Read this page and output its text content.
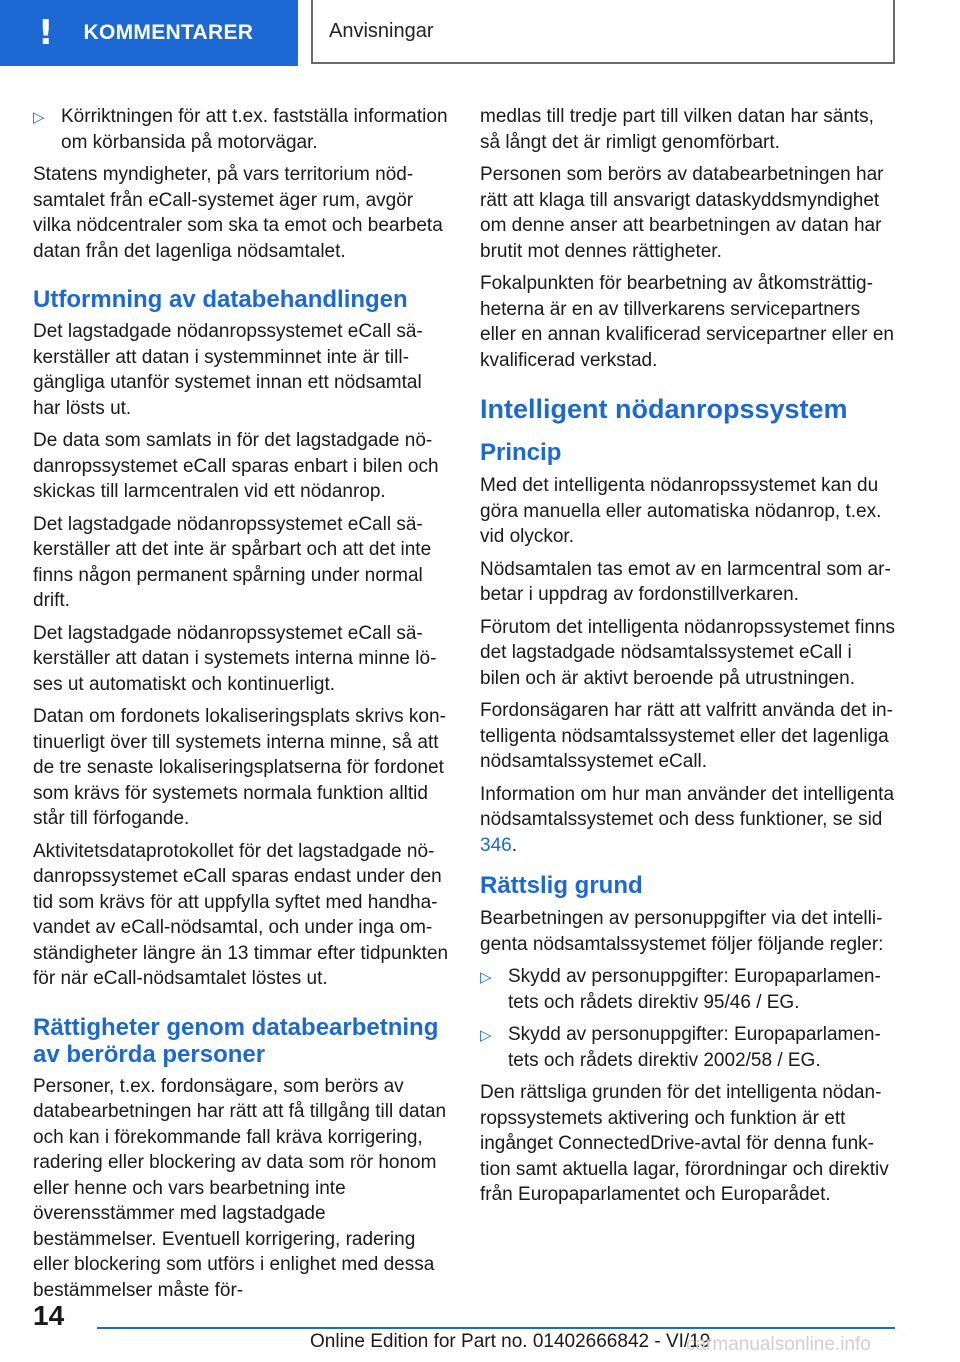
! KOMMENTARER	Anvisningar
▷ Körriktningen för att t.ex. fastställa information om körbansida på motorvägar.

Statens myndigheter, på vars territorium nödsamtalet från eCall-systemet äger rum, avgör vilka nödcentraler som ska ta emot och bearbeta datan från det lagenliga nödsamtalet.

Utformning av databehandlingen

Det lagstadgade nödanropssystemet eCall säkerställer att datan i systemminnet inte är tillgängliga utanför systemet innan ett nödsamtal har lösts ut.

De data som samlats in för det lagstadgade nödanropssystemet eCall sparas enbart i bilen och skickas till larmcentralen vid ett nödanrop.

Det lagstadgade nödanropssystemet eCall säkerställer att det inte är spårbart och att det inte finns någon permanent spårning under normal drift.

Det lagstadgade nödanropssystemet eCall säkerställer att datan i systemets interna minne löses ut automatiskt och kontinuerligt.

Datan om fordonets lokaliseringsplats skrivs kontinuerligt över till systemets interna minne, så att de tre senaste lokaliseringsplatserna för fordonet som krävs för systemets normala funktion alltid står till förfogande.

Aktivitetsdataprotokollet för det lagstadgade nödanropssystemet eCall sparas endast under den tid som krävs för att uppfylla syftet med handhavandet av eCall-nödsamtal, och under inga omständigheter längre än 13 timmar efter tidpunkten för när eCall-nödsamtalet löstes ut.

Rättigheter genom databearbetning av berörda personer

Personer, t.ex. fordonsägare, som berörs av databearbetningen har rätt att få tillgång till datan och kan i förekommande fall kräva korrigering, radering eller blockering av data som rör honom eller henne och vars bearbetning inte överensstämmer med lagstadgade bestämmelser. Eventuell korrigering, radering eller blockering som utförs i enlighet med dessa bestämmelser måste för-

medlas till tredje part till vilken datan har sänts, så långt det är rimligt genomförbart.

Personen som berörs av databearbetningen har rätt att klaga till ansvarigt dataskyddsmyndighet om denne anser att bearbetningen av datan har brutit mot dennes rättigheter.

Fokalpunkten för bearbetning av åtkomsträttigheterna är en av tillverkarens servicepartners eller en annan kvalificerad servicepartner eller en kvalificerad verkstad.

Intelligent nödanropssystem
Princip

Med det intelligenta nödanropssystemet kan du göra manuella eller automatiska nödanrop, t.ex. vid olyckor.

Nödsamtalen tas emot av en larmcentral som arbetar i uppdrag av fordonstillverkaren.

Förutom det intelligenta nödanropssystemet finns det lagstadgade nödsamtalssystemet eCall i bilen och är aktivt beroende på utrustningen.

Fordonsägaren har rätt att valfritt använda det intelligenta nödsamtalssystemet eller det lagenliga nödsamtalssystemet eCall.

Information om hur man använder det intelligenta nödsamtalssystemet och dess funktioner, se sid 346.

Rättslig grund

Bearbetningen av personuppgifter via det intelligenta nödsamtalssystemet följer följande regler:

▷ Skydd av personuppgifter: Europaparlamentets och rådets direktiv 95/46 / EG.
▷ Skydd av personuppgifter: Europaparlamentets och rådets direktiv 2002/58 / EG.

Den rättsliga grunden för det intelligenta nödanropssystemets aktivering och funktion är ett ingånget ConnectedDrive-avtal för denna funktion samt aktuella lagar, förordningar och direktiv från Europaparlamentet och Europarådet.

14
Online Edition for Part no. 01402666842 - VI/19
carmanualsonline.info
